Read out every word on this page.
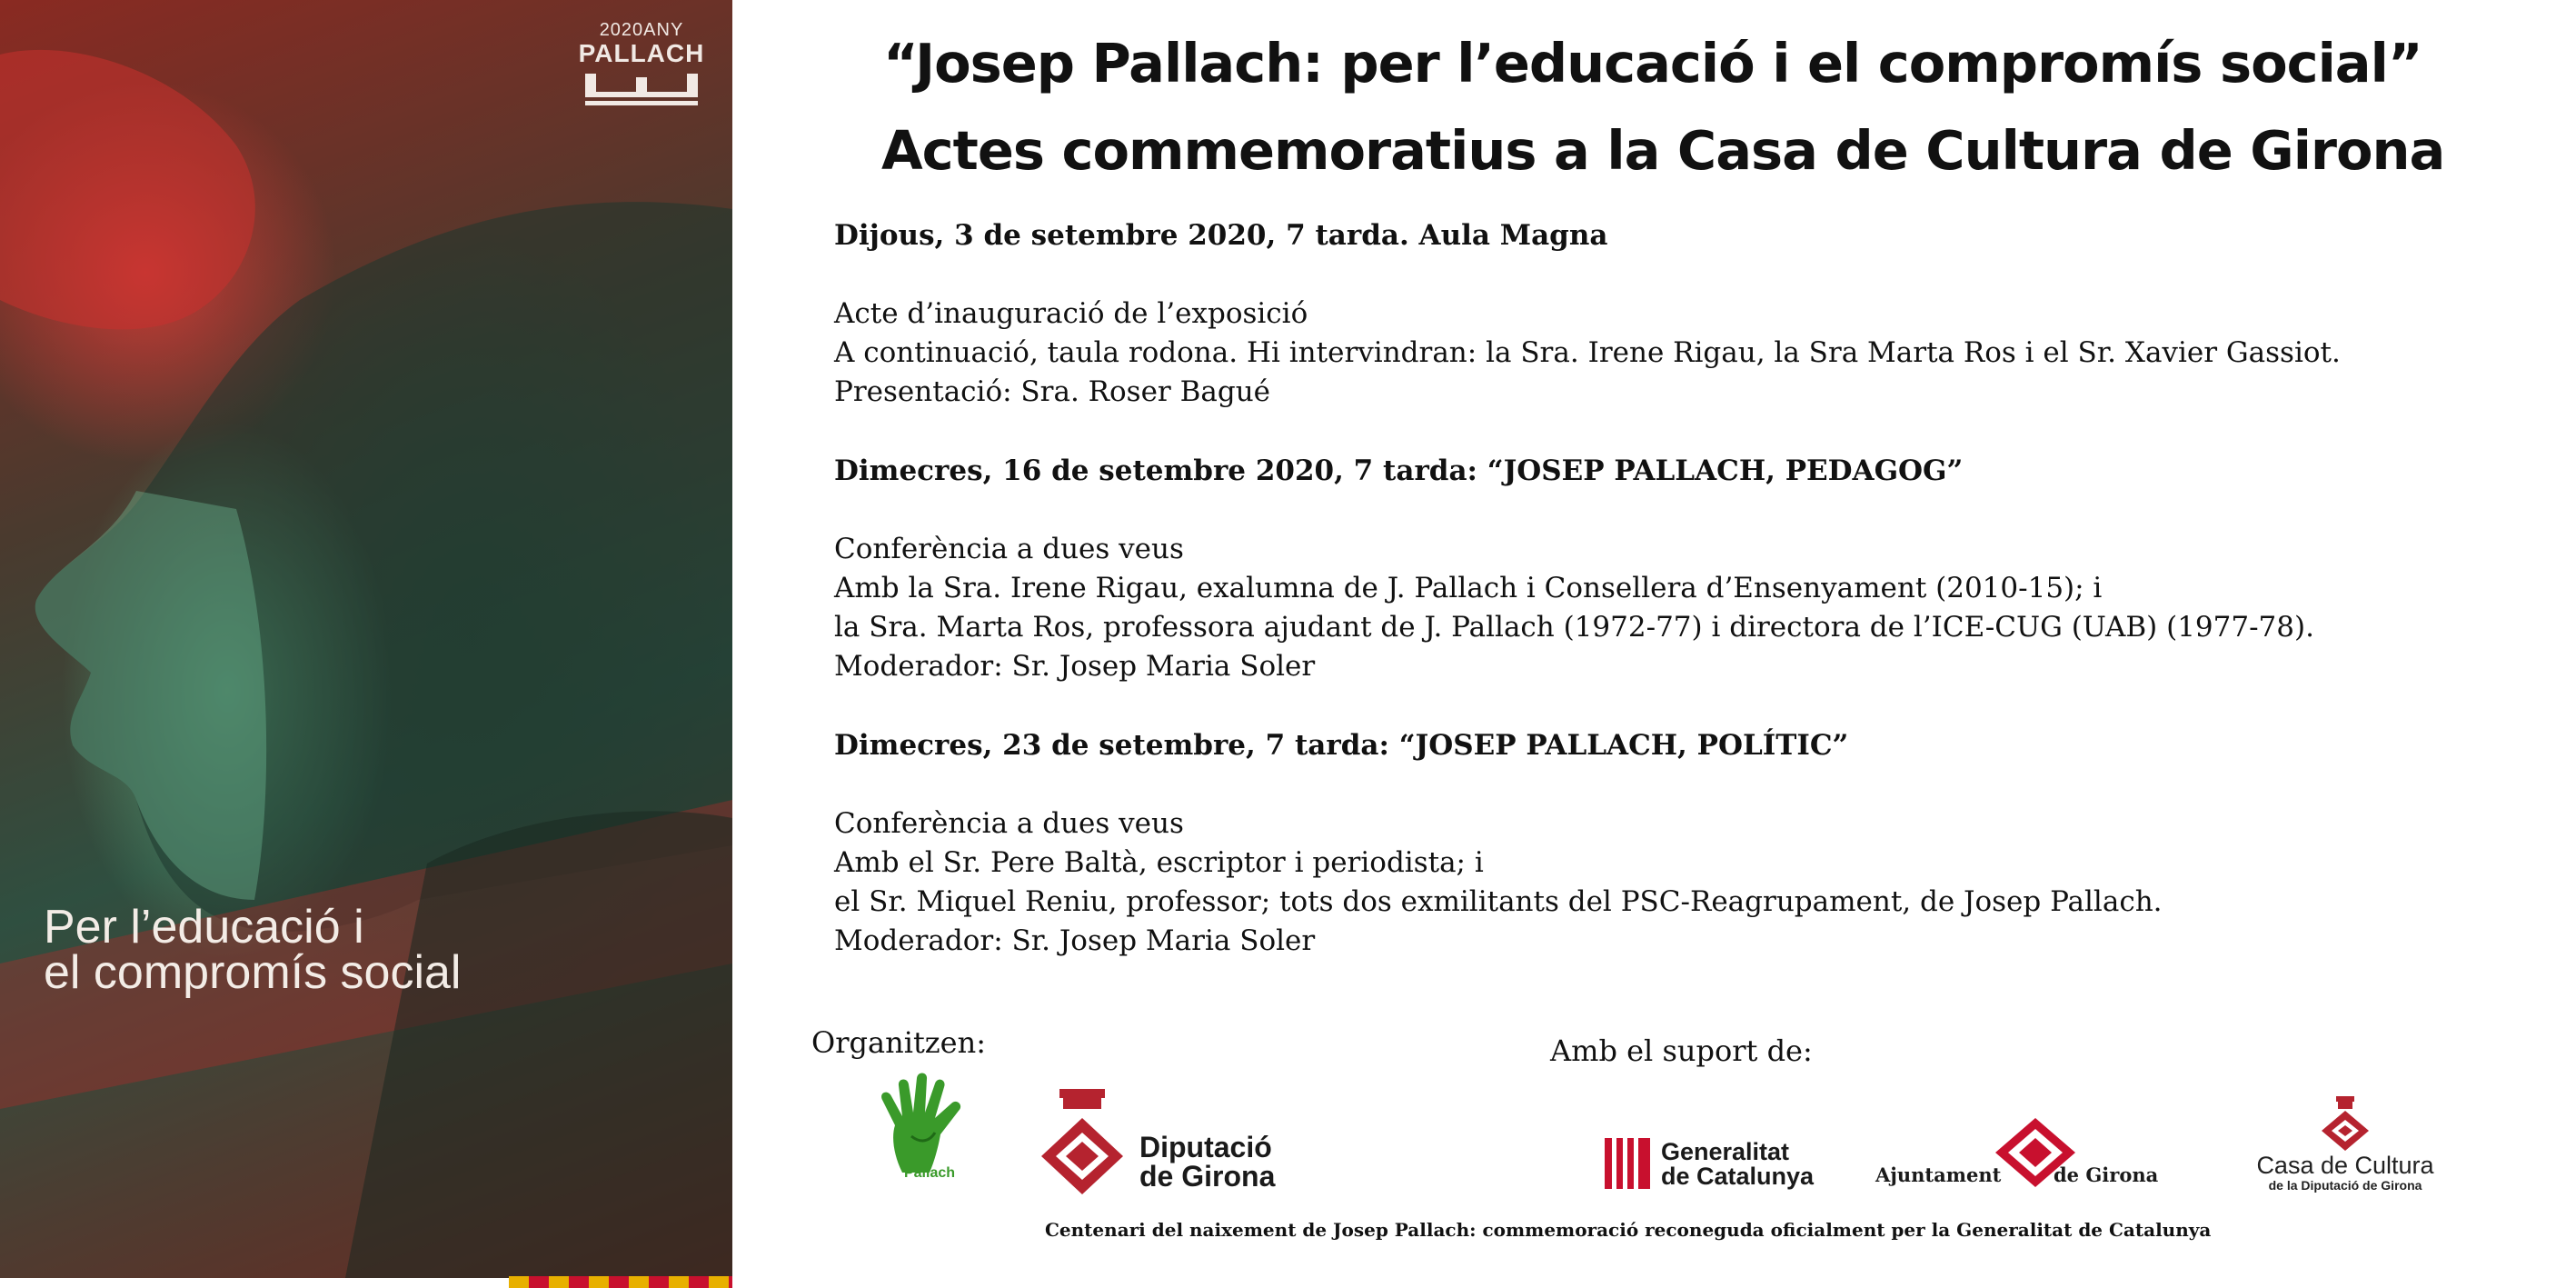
2020ANY
PALLACH
Per l’educació i
el compromís social
“Josep Pallach: per l’educació i el compromís social”
Actes commemoratius a la Casa de Cultura de Girona
Dijous, 3 de setembre 2020, 7 tarda. Aula Magna
Acte d’inauguració de l’exposició
A continuació, taula rodona. Hi intervindran: la Sra. Irene Rigau, la Sra Marta Ros i el Sr. Xavier Gassiot.
Presentació: Sra. Roser Bagué
Dimecres, 16 de setembre 2020, 7 tarda: “JOSEP PALLACH, PEDAGOG”
Conferència a dues veus
Amb la Sra. Irene Rigau, exalumna de J. Pallach i Consellera d’Ensenyament (2010-15); i
la Sra. Marta Ros, professora ajudant de J. Pallach (1972-77) i directora de l’ICE-CUG (UAB) (1977-78).
Moderador: Sr. Josep Maria Soler
Dimecres, 23 de setembre, 7 tarda: “JOSEP PALLACH, POLÍTIC”
Conferència a dues veus
Amb el Sr. Pere Baltà, escriptor i periodista; i
el Sr. Miquel Reniu, professor; tots dos exmilitants del PSC-Reagrupament, de Josep Pallach.
Moderador: Sr. Josep Maria Soler
Organitzen:	Amb el suport de:
Pallach
Diputació
de Girona
Generalitat
de Catalunya	Ajuntament	de Girona	Casa de Cultura
de la Diputació de Girona
Centenari del naixement de Josep Pallach: commemoració reconeguda oficialment per la Generalitat de Catalunya
